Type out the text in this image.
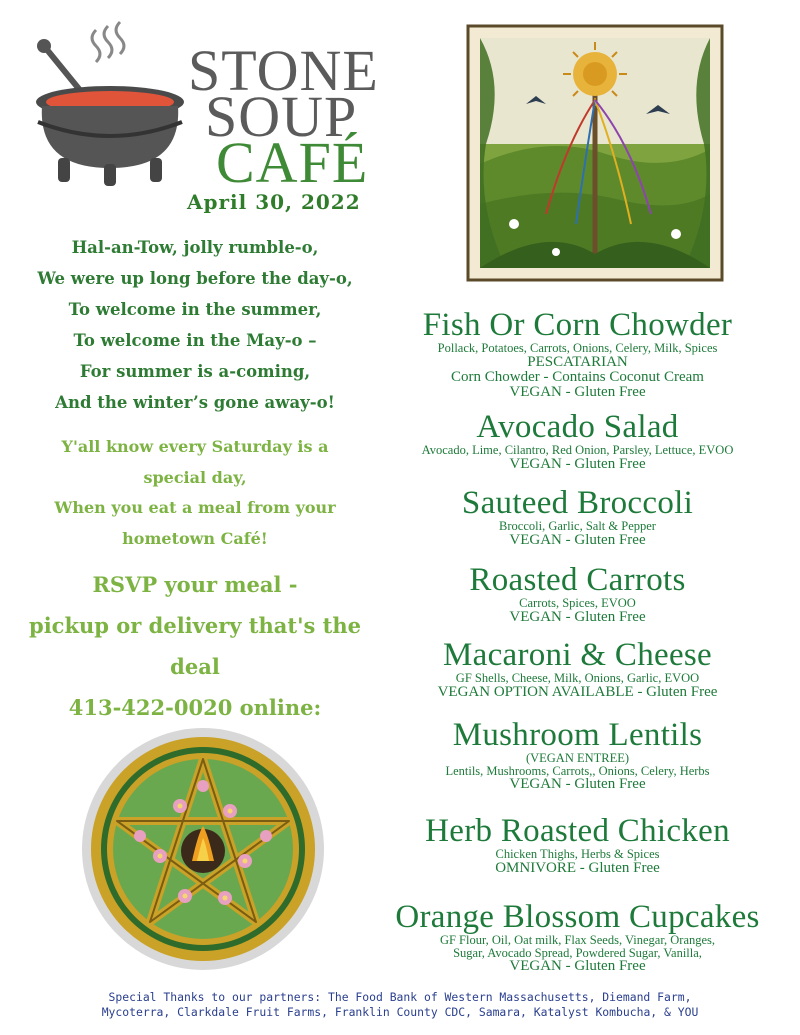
STONE
SOUP
CAFÉ
April 30, 2022
Hal-an-Tow, jolly rumble-o,
We were up long before the day-o,
To welcome in the summer,
To welcome in the May-o –
For summer is a-coming,
And the winter’s gone away-o!
Y'all know every Saturday is a
special day,
When you eat a meal from your
hometown Café!
RSVP your meal -
pickup or delivery that's the
deal
413-422-0020 online:
Fish Or Corn Chowder
Pollack, Potatoes, Carrots, Onions, Celery, Milk, Spices
PESCATARIAN
Corn Chowder - Contains Coconut Cream
VEGAN - Gluten Free
Avocado Salad
Avocado, Lime, Cilantro, Red Onion, Parsley, Lettuce, EVOO
VEGAN - Gluten Free
Sauteed Broccoli
Broccoli, Garlic, Salt & Pepper
VEGAN - Gluten Free
Roasted Carrots
Carrots, Spices, EVOO
VEGAN - Gluten Free
Macaroni & Cheese
GF Shells, Cheese, Milk, Onions, Garlic, EVOO
VEGAN OPTION AVAILABLE - Gluten Free
Mushroom Lentils
(VEGAN ENTREE)
Lentils, Mushrooms, Carrots,, Onions, Celery, Herbs
VEGAN - Gluten Free
Herb Roasted Chicken
Chicken Thighs, Herbs & Spices
OMNIVORE - Gluten Free
Orange Blossom Cupcakes
GF Flour, Oil, Oat milk, Flax Seeds, Vinegar, Oranges,
Sugar, Avocado Spread, Powdered Sugar, Vanilla,
VEGAN - Gluten Free
Special Thanks to our partners: The Food Bank of Western Massachusetts, Diemand Farm,
Mycoterra, Clarkdale Fruit Farms, Franklin County CDC, Samara, Katalyst Kombucha, & YOU
